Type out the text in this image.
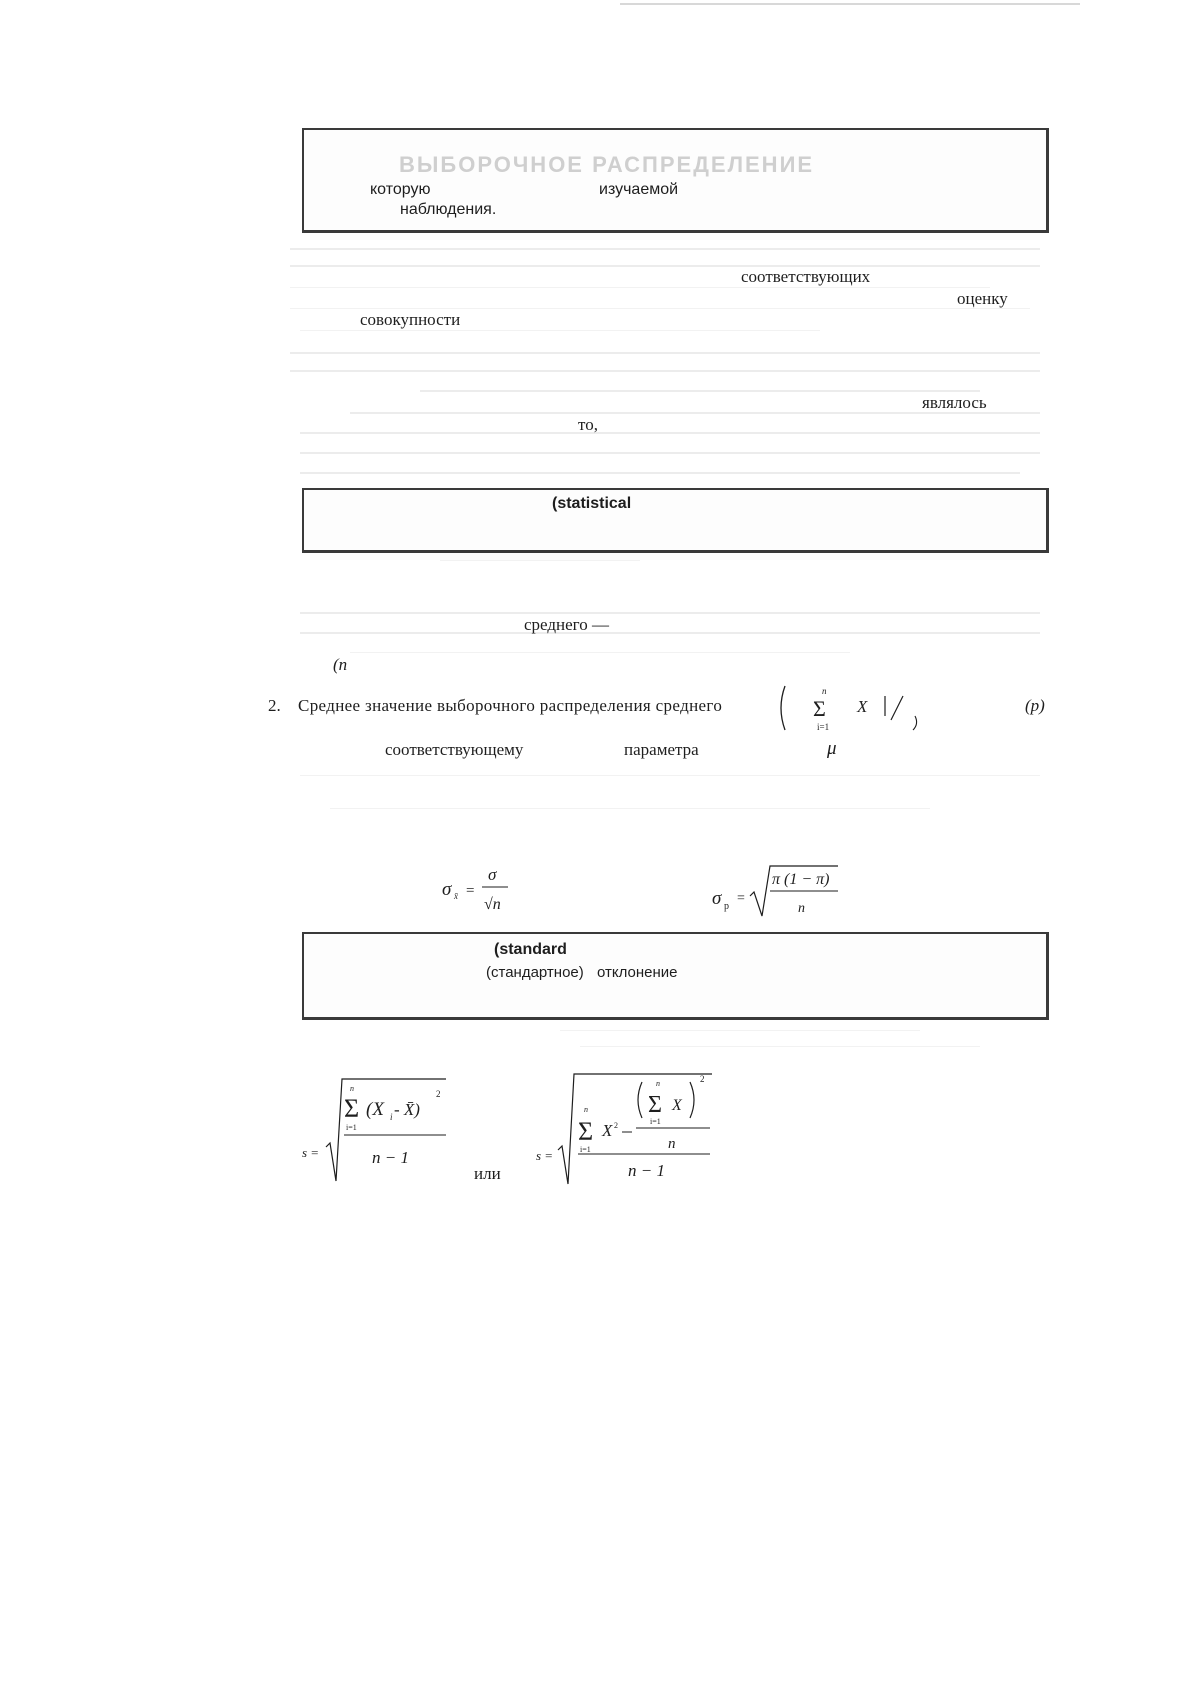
ВЫБОРОЧНОЕ РАСПРЕДЕЛЕНИЕ
которую	изучаемой
наблюдения.
соответствующих
оценку
совокупности
являлось
то,
(statistical
среднего —
(n
2. Среднее значение выборочного распределения среднего
n
Σ
i=1
X	(p)
соответствующему	параметра	μ
σ x̄ =
σ
√n	σ p
=
π (1 − π)
n
(standard
(стандартное) отклонение
s =
n
Σ
i=1
(X i - X̄)
2
n − 1
или
s =
n
Σ
i=1
X 2
n
Σ
i=1
X
2
n
n − 1
